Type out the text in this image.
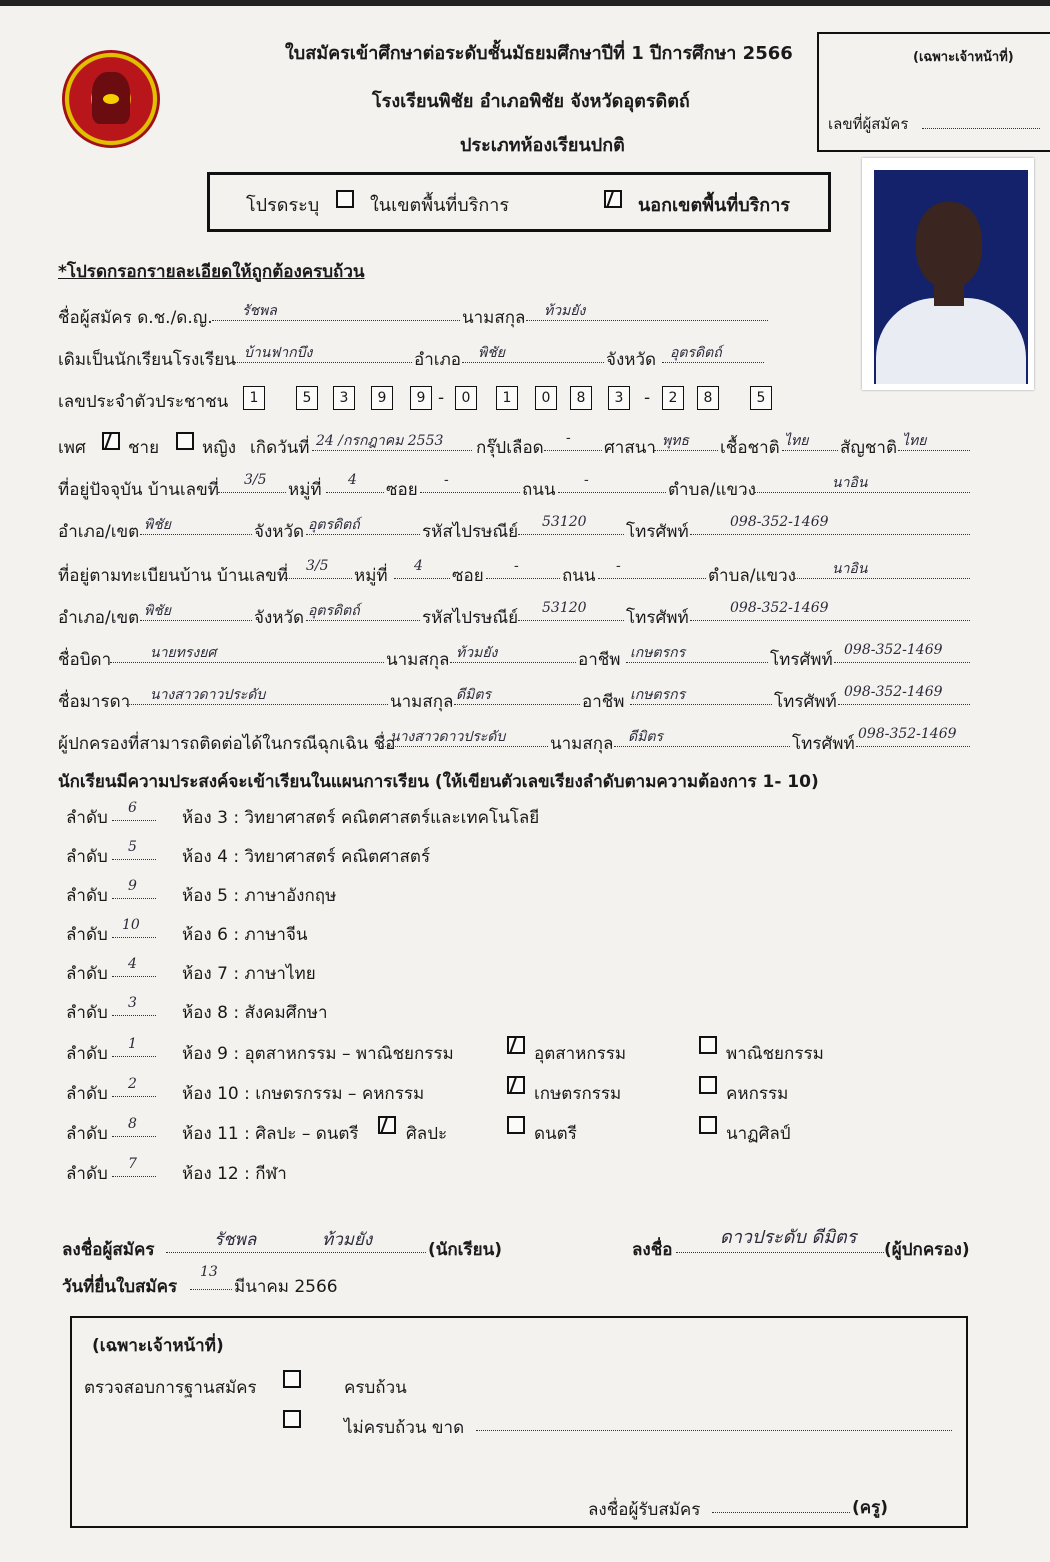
ใบสมัครเข้าศึกษาต่อระดับชั้นมัธยมศึกษาปีที่ 1 ปีการศึกษา 2566
โรงเรียนพิชัย อำเภอพิชัย จังหวัดอุตรดิตถ์
ประเภทห้องเรียนปกติ
(เฉพาะเจ้าหน้าที่)
เลขที่ผู้สมัคร
โปรดระบุ	ในเขตพื้นที่บริการ	นอกเขตพื้นที่บริการ
*โปรดกรอกรายละเอียดให้ถูกต้องครบถ้วน
ชื่อผู้สมัคร ด.ช./ด.ญ. รัชพล	นามสกุล ท้วมยัง
เดิมเป็นนักเรียนโรงเรียน บ้านฟากบึง	อำเภอ พิชัย	จังหวัด อุตรดิตถ์
เลขประจำตัวประชาชน	1	5	3	9	9 -	0	1	0	8	3	-	2	8	5
เพศ ชาย	หญิง เกิดวันที่ 24 /กรกฎาคม 2553 กรุ๊ปเลือด - ศาสนา พุทธ เชื้อชาติ ไทย สัญชาติ ไทย
ที่อยู่ปัจจุบัน บ้านเลขที่ 3/5 หมู่ที่ 4 ซอย -	ถนน -	ตำบล/แขวง	นาอิน
อำเภอ/เขต พิชัย	จังหวัด อุตรดิตถ์	รหัสไปรษณีย์ 53120 โทรศัพท์	098-352-1469
ที่อยู่ตามทะเบียนบ้าน บ้านเลขที่ 3/5 หมู่ที่ 4 ซอย -	ถนน -	ตำบล/แขวง	นาอิน
อำเภอ/เขต พิชัย	จังหวัด อุตรดิตถ์	รหัสไปรษณีย์ 53120 โทรศัพท์	098-352-1469
ชื่อบิดา	นายทรงยศ	นามสกุล ท้วมยัง	อาชีพ เกษตรกร	โทรศัพท์ 098-352-1469
ชื่อมารดา นางสาวดาวประดับ	นามสกุล ดีมิตร	อาชีพ เกษตรกร	โทรศัพท์ 098-352-1469
ผู้ปกครองที่สามารถติดต่อได้ในกรณีฉุกเฉิน ชื่อ
นางสาวดาวประดับ	นามสกุล ดีมิตร	โทรศัพท์ 098-352-1469
นักเรียนมีความประสงค์จะเข้าเรียนในแผนการเรียน (ให้เขียนตัวเลขเรียงลำดับตามความต้องการ 1- 10)
ลำดับ 6	ห้อง 3 : วิทยาศาสตร์ คณิตศาสตร์และเทคโนโลยี
ลำดับ 5	ห้อง 4 : วิทยาศาสตร์ คณิตศาสตร์
ลำดับ 9	ห้อง 5 : ภาษาอังกฤษ
ลำดับ 10 ห้อง 6 : ภาษาจีน
ลำดับ 4	ห้อง 7 : ภาษาไทย
ลำดับ 3	ห้อง 8 : สังคมศึกษา
ลำดับ 1	ห้อง 9 : อุตสาหกรรม – พาณิชยกรรม	อุตสาหกรรม	พาณิชยกรรม
ลำดับ 2	ห้อง 10 : เกษตรกรรม – คหกรรม	เกษตรกรรม	คหกรรม
ลำดับ 8	ห้อง 11 : ศิลปะ – ดนตรี	ศิลปะ	ดนตรี	นาฏศิลป์
ลำดับ 7	ห้อง 12 : กีฬา
ลงชื่อผู้สมัคร	รัชพล	ท้วมยัง	(นักเรียน)	ลงชื่อ
ดาวประดับ ดีมิตร
(ผู้ปกครอง)
วันที่ยื่นใบสมัคร
13
มีนาคม 2566
(เฉพาะเจ้าหน้าที่)
ตรวจสอบการฐานสมัคร	ครบถ้วน
ไม่ครบถ้วน ขาด
ลงชื่อผู้รับสมัคร	(ครู)
